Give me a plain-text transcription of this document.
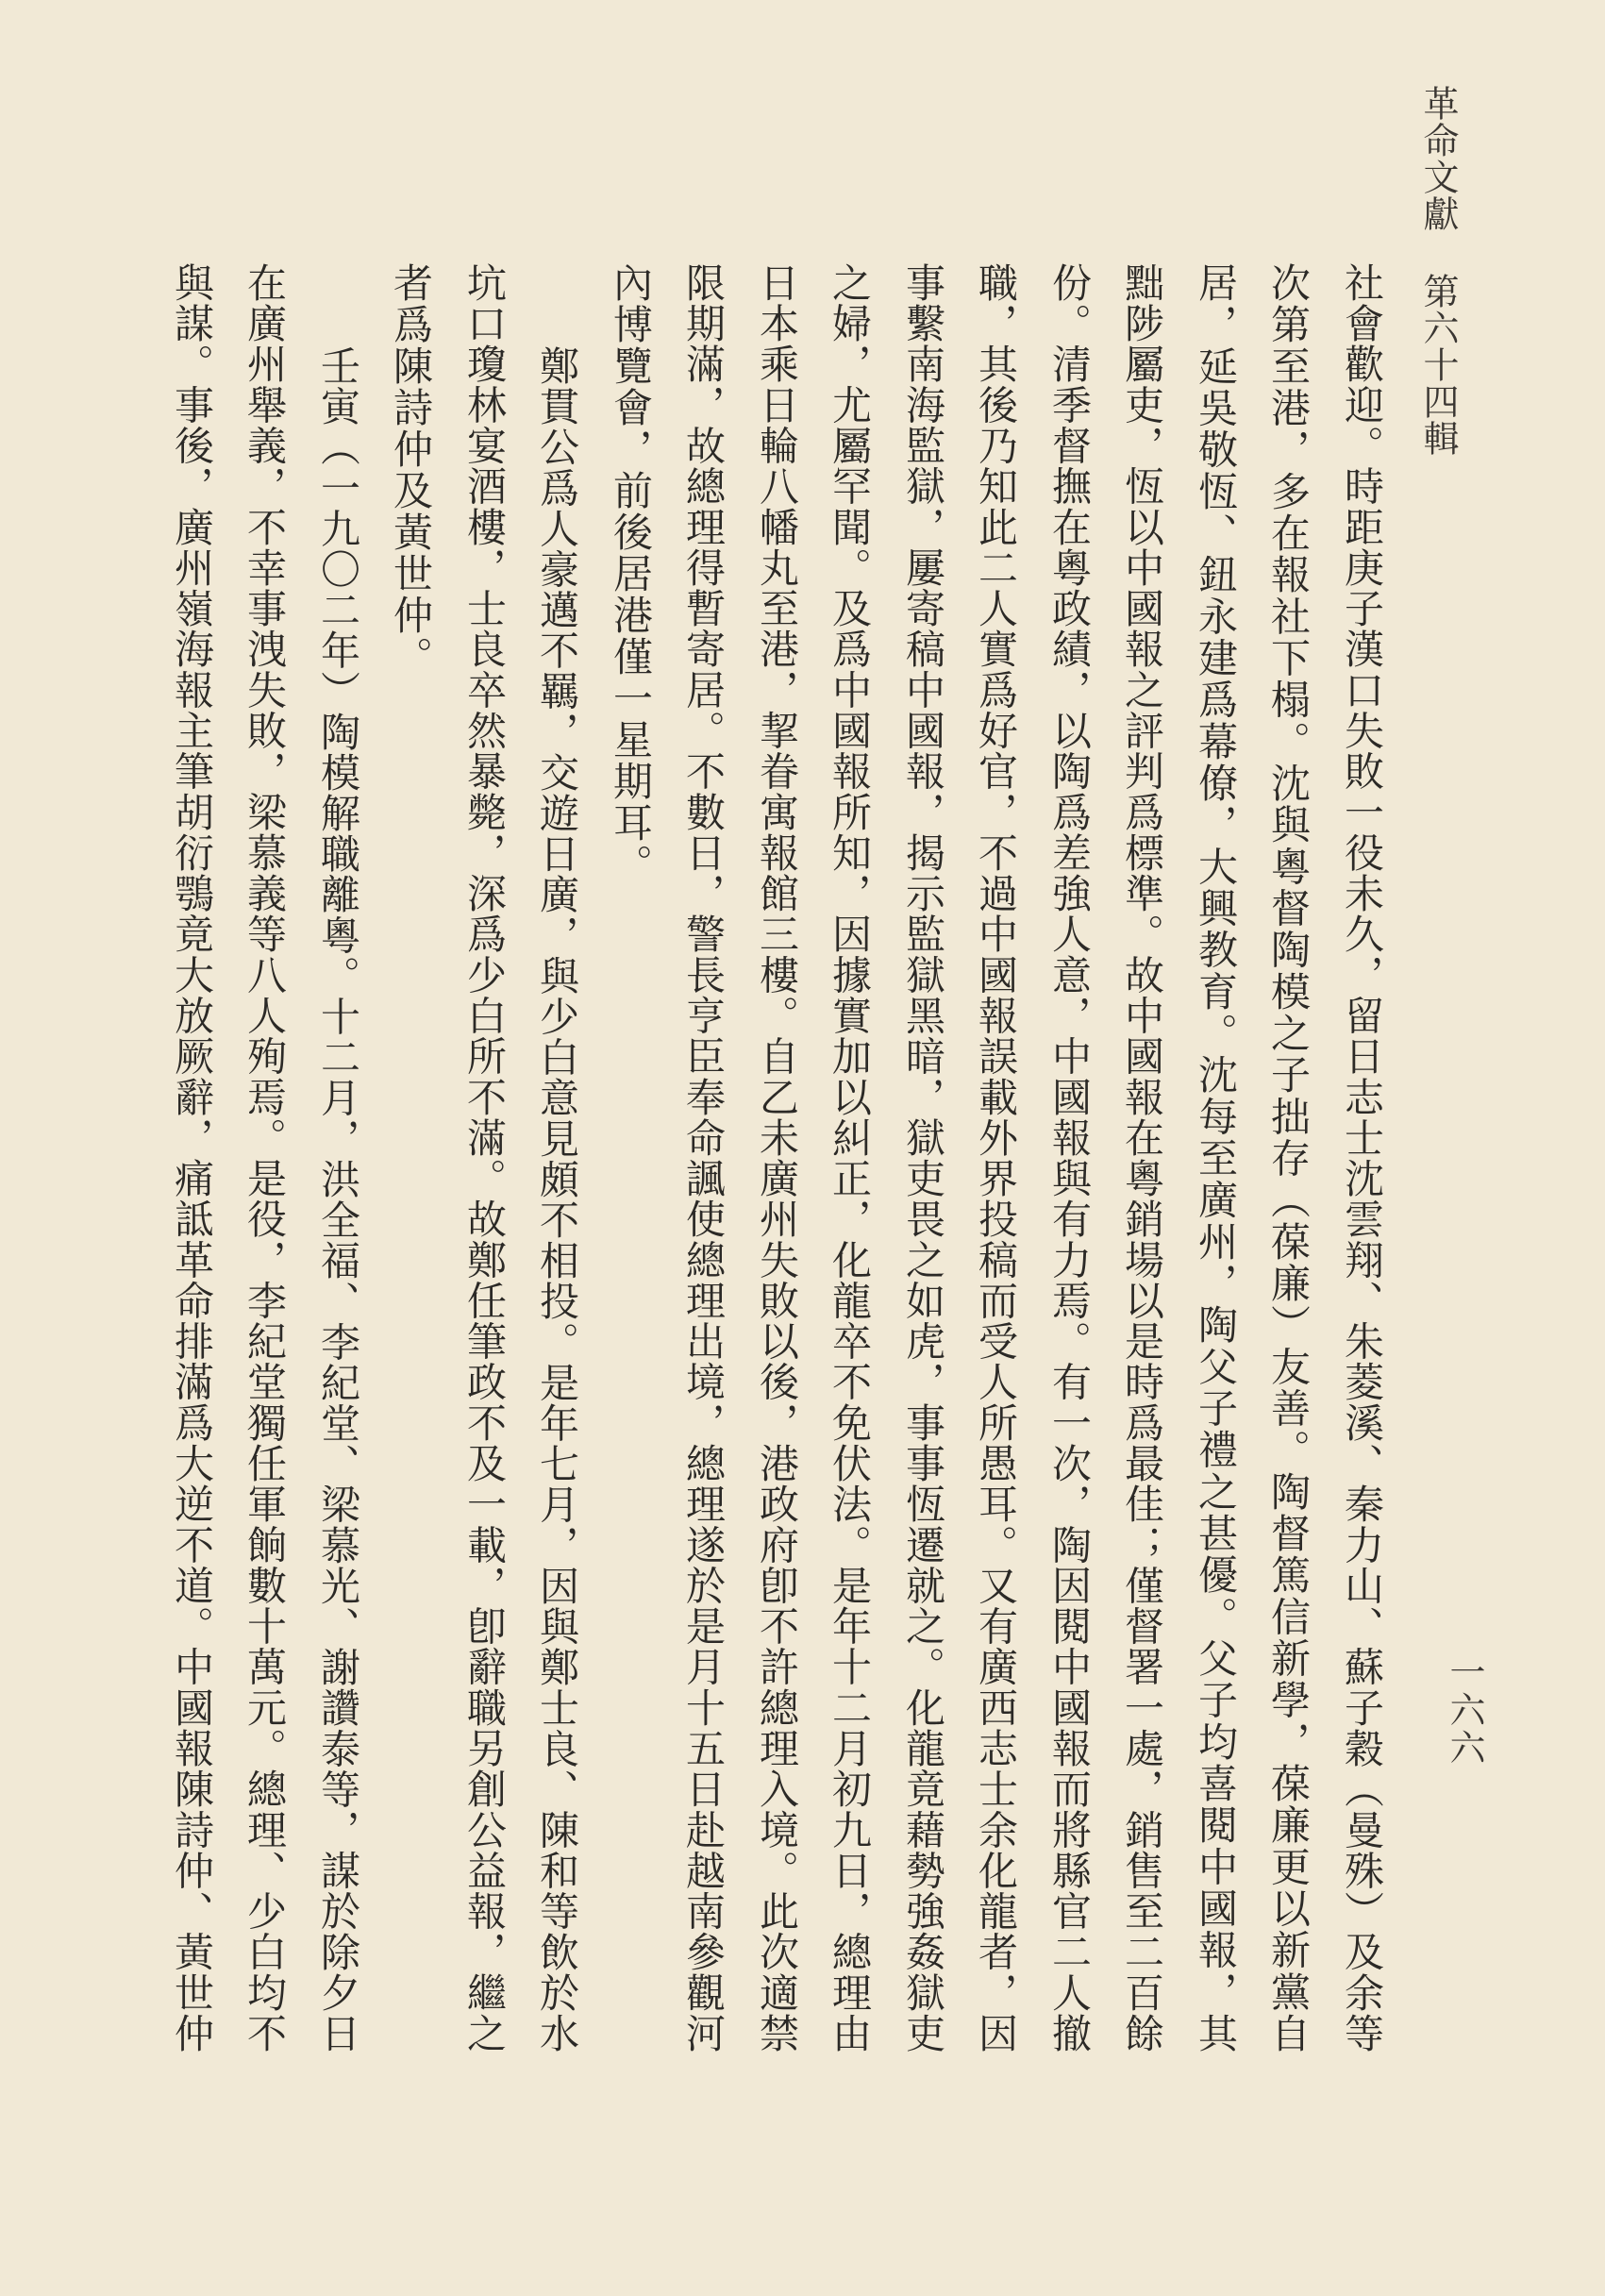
革命文獻 第六十四輯
一六六
社會歡迎。時距庚子漢口失敗一役未久，留日志士沈雲翔、朱菱溪、秦力山、蘇子穀（曼殊）及余等
次第至港，多在報社下榻。沈與粵督陶模之子拙存（葆廉）友善。陶督篤信新學，葆廉更以新黨自
居，延吳敬恆、鈕永建爲幕僚，大興教育。沈每至廣州，陶父子禮之甚優。父子均喜閱中國報，其
黜陟屬吏，恆以中國報之評判爲標準。故中國報在粵銷場以是時爲最佳；僅督署一處，銷售至二百餘
份。清季督撫在粵政績，以陶爲差強人意，中國報與有力焉。有一次，陶因閱中國報而將縣官二人撤
職，其後乃知此二人實爲好官，不過中國報誤載外界投稿而受人所愚耳。又有廣西志士余化龍者，因
事繫南海監獄，屢寄稿中國報，揭示監獄黑暗，獄吏畏之如虎，事事恆遷就之。化龍竟藉勢強姦獄吏
之婦，尤屬罕聞。及爲中國報所知，因據實加以糾正，化龍卒不免伏法。是年十二月初九日，總理由
日本乘日輪八幡丸至港，挈眷寓報館三樓。自乙未廣州失敗以後，港政府卽不許總理入境。此次適禁
限期滿，故總理得暫寄居。不數日，警長亨臣奉命諷使總理出境，總理遂於是月十五日赴越南參觀河
內博覽會，前後居港僅一星期耳。
鄭貫公爲人豪邁不羈，交遊日廣，與少白意見頗不相投。是年七月，因與鄭士良、陳和等飲於水
坑口瓊林宴酒樓，士良卒然暴斃，深爲少白所不滿。故鄭任筆政不及一載，卽辭職另創公益報，繼之
者爲陳詩仲及黃世仲。
壬寅（一九〇二年）陶模解職離粵。十二月，洪全福、李紀堂、梁慕光、謝讚泰等，謀於除夕日
在廣州舉義，不幸事洩失敗，梁慕義等八人殉焉。是役，李紀堂獨任軍餉數十萬元。總理、少白均不
與謀。事後，廣州嶺海報主筆胡衍鶚竟大放厥辭，痛詆革命排滿爲大逆不道。中國報陳詩仲、黃世仲
